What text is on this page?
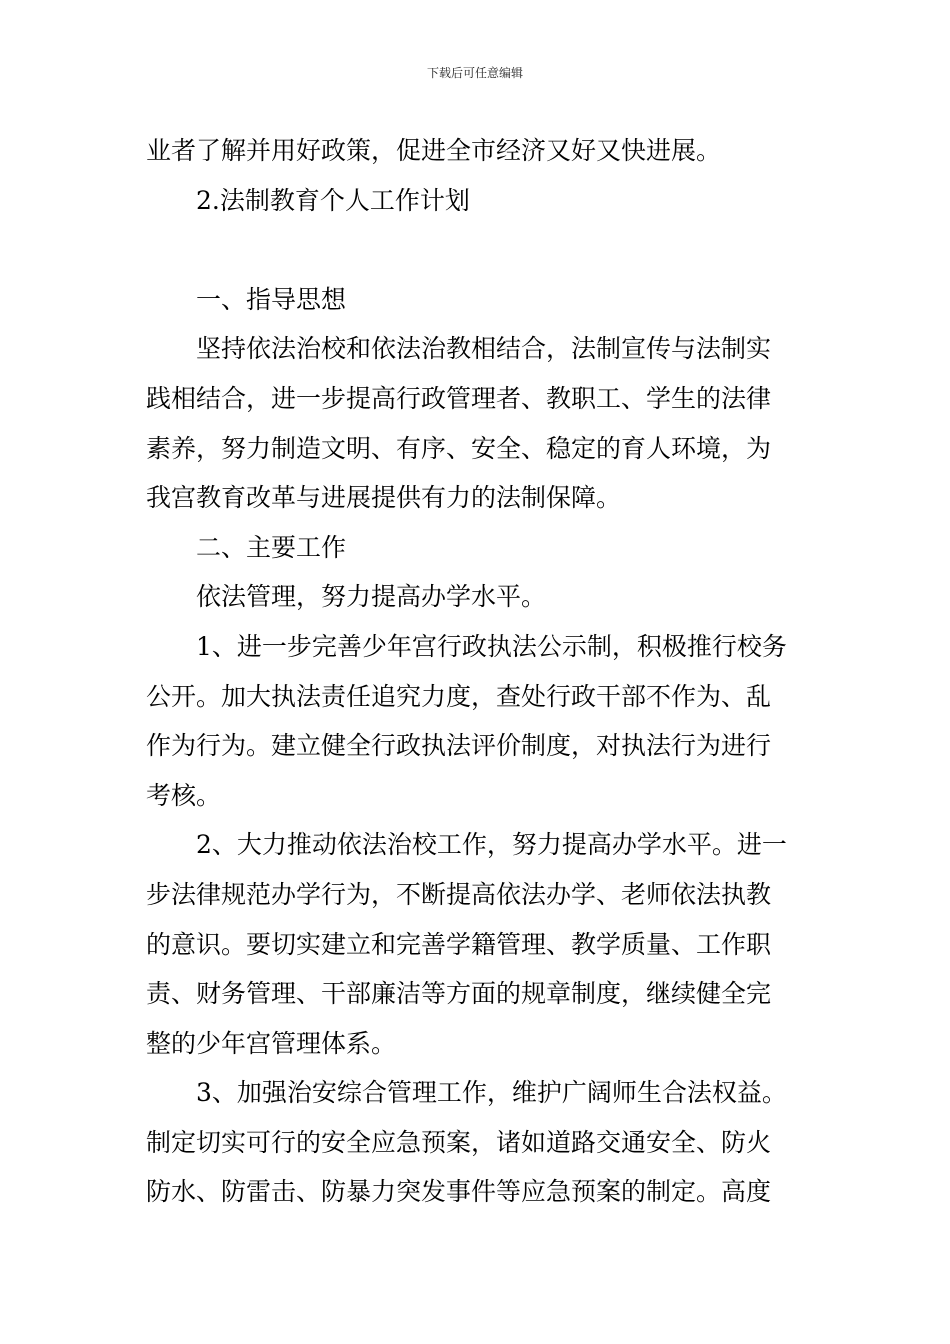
下载后可任意编辑
业者了解并用好政策，促进全市经济又好又快进展。
2.法制教育个人工作计划
一、指导思想
坚持依法治校和依法治教相结合，法制宣传与法制实
践相结合，进一步提高行政管理者、教职工、学生的法律
素养，努力制造文明、有序、安全、稳定的育人环境，为
我宫教育改革与进展提供有力的法制保障。
二、主要工作
依法管理，努力提高办学水平。
1、进一步完善少年宫行政执法公示制，积极推行校务
公开。加大执法责任追究力度，查处行政干部不作为、乱
作为行为。建立健全行政执法评价制度，对执法行为进行
考核。
2、大力推动依法治校工作，努力提高办学水平。进一
步法律规范办学行为，不断提高依法办学、老师依法执教
的意识。要切实建立和完善学籍管理、教学质量、工作职
责、财务管理、干部廉洁等方面的规章制度，继续健全完
整的少年宫管理体系。
3、加强治安综合管理工作，维护广阔师生合法权益。
制定切实可行的安全应急预案，诸如道路交通安全、防火
防水、防雷击、防暴力突发事件等应急预案的制定。高度
